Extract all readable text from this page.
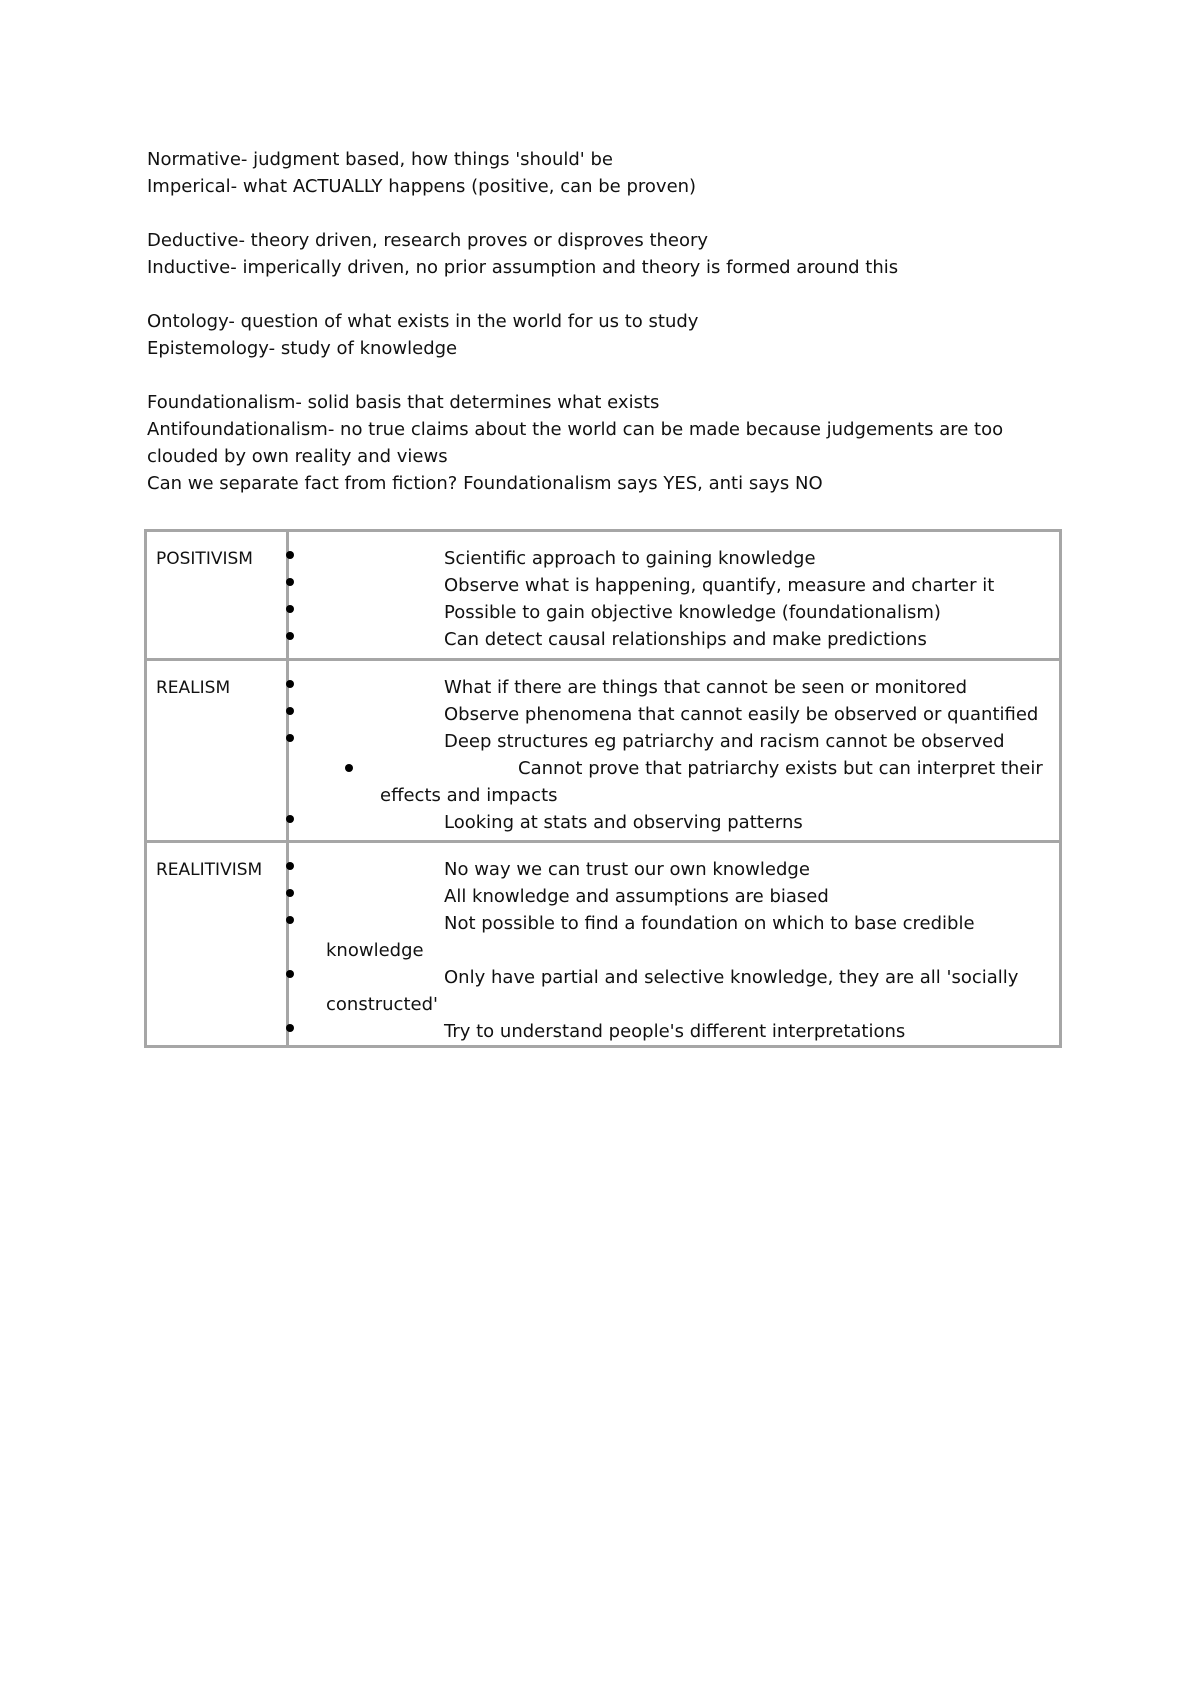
Normative- judgment based, how things 'should' be
Imperical- what ACTUALLY happens (positive, can be proven)
Deductive- theory driven, research proves or disproves theory
Inductive- imperically driven, no prior assumption and theory is formed around this
Ontology- question of what exists in the world for us to study
Epistemology- study of knowledge
Foundationalism- solid basis that determines what exists
Antifoundationalism- no true claims about the world can be made because judgements are too
clouded by own reality and views
Can we separate fact from fiction? Foundationalism says YES, anti says NO
POSITIVISM	Scientific approach to gaining knowledge
Observe what is happening, quantify, measure and charter it
Possible to gain objective knowledge (foundationalism)
Can detect causal relationships and make predictions
REALISM	What if there are things that cannot be seen or monitored
Observe phenomena that cannot easily be observed or quantified
Deep structures eg patriarchy and racism cannot be observed
Cannot prove that patriarchy exists but can interpret their
effects and impacts
Looking at stats and observing patterns
REALITIVISM	No way we can trust our own knowledge
All knowledge and assumptions are biased
Not possible to find a foundation on which to base credible
knowledge
Only have partial and selective knowledge, they are all 'socially
constructed'
Try to understand people's different interpretations
